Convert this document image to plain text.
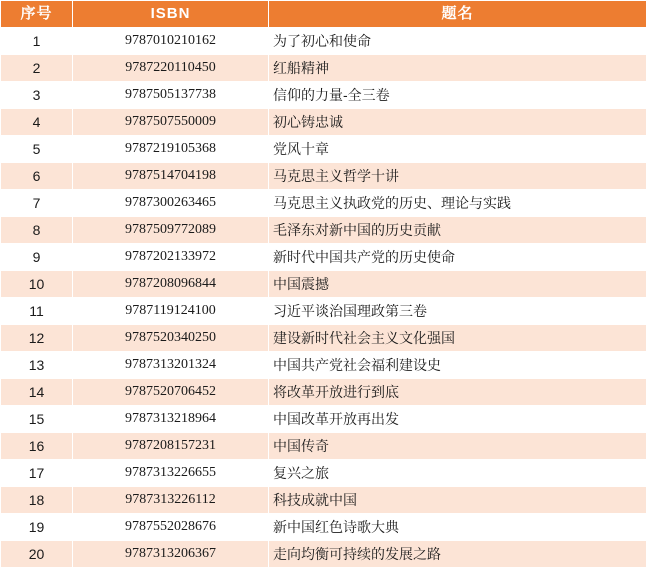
序号	ISBN	题名
1	9787010210162	为了初心和使命
2	9787220110450	红船精神
3	9787505137738	信仰的力量-全三卷
4	9787507550009	初心铸忠诚
5	9787219105368	党风十章
6	9787514704198	马克思主义哲学十讲
7	9787300263465	马克思主义执政党的历史、理论与实践
8	9787509772089	毛泽东对新中国的历史贡献
9	9787202133972	新时代中国共产党的历史使命
10	9787208096844	中国震撼
11	9787119124100	习近平谈治国理政第三卷
12	9787520340250	建设新时代社会主义文化强国
13	9787313201324	中国共产党社会福利建设史
14	9787520706452	将改革开放进行到底
15	9787313218964	中国改革开放再出发
16	9787208157231	中国传奇
17	9787313226655	复兴之旅
18	9787313226112	科技成就中国
19	9787552028676	新中国红色诗歌大典
20	9787313206367	走向均衡可持续的发展之路
